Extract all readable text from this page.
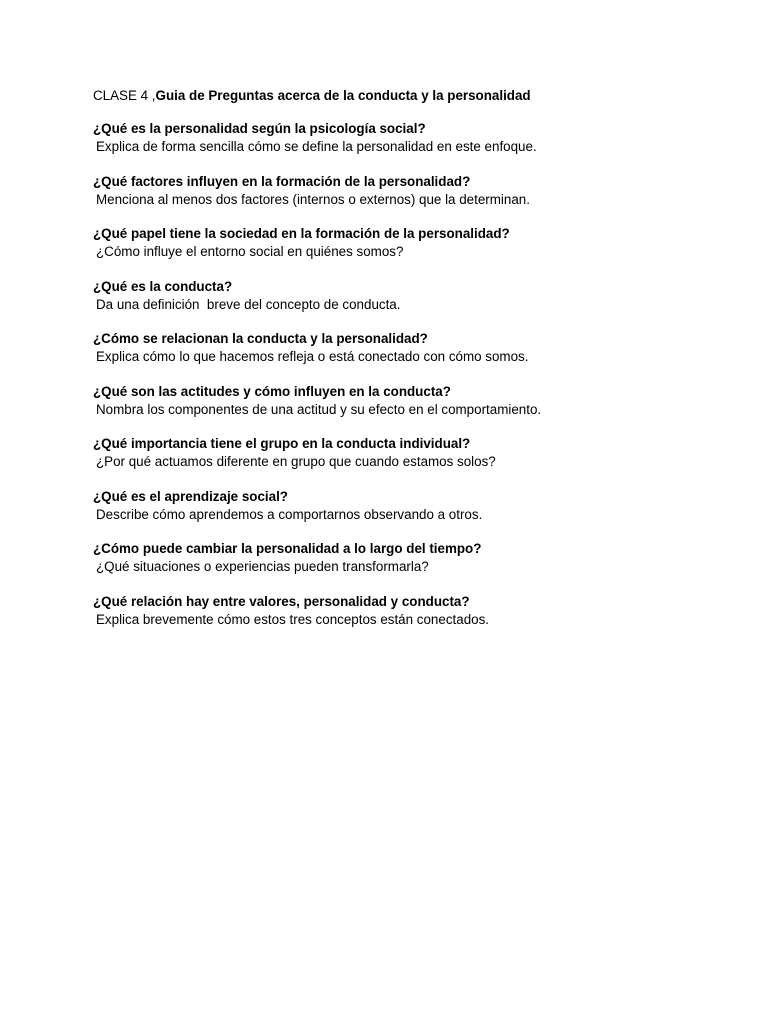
CLASE 4 ,Guia de Preguntas acerca de la conducta y la personalidad

¿Qué es la personalidad según la psicología social?

Explica de forma sencilla cómo se define la personalidad en este enfoque.

¿Qué factores influyen en la formación de la personalidad?

Menciona al menos dos factores (internos o externos) que la determinan.

¿Qué papel tiene la sociedad en la formación de la personalidad?

¿Cómo influye el entorno social en quiénes somos?

¿Qué es la conducta?

Da una definición  breve del concepto de conducta.

¿Cómo se relacionan la conducta y la personalidad?

Explica cómo lo que hacemos refleja o está conectado con cómo somos.

¿Qué son las actitudes y cómo influyen en la conducta?

Nombra los componentes de una actitud y su efecto en el comportamiento.

¿Qué importancia tiene el grupo en la conducta individual?

¿Por qué actuamos diferente en grupo que cuando estamos solos?

¿Qué es el aprendizaje social?

Describe cómo aprendemos a comportarnos observando a otros.

¿Cómo puede cambiar la personalidad a lo largo del tiempo?

¿Qué situaciones o experiencias pueden transformarla?

¿Qué relación hay entre valores, personalidad y conducta?

Explica brevemente cómo estos tres conceptos están conectados.
